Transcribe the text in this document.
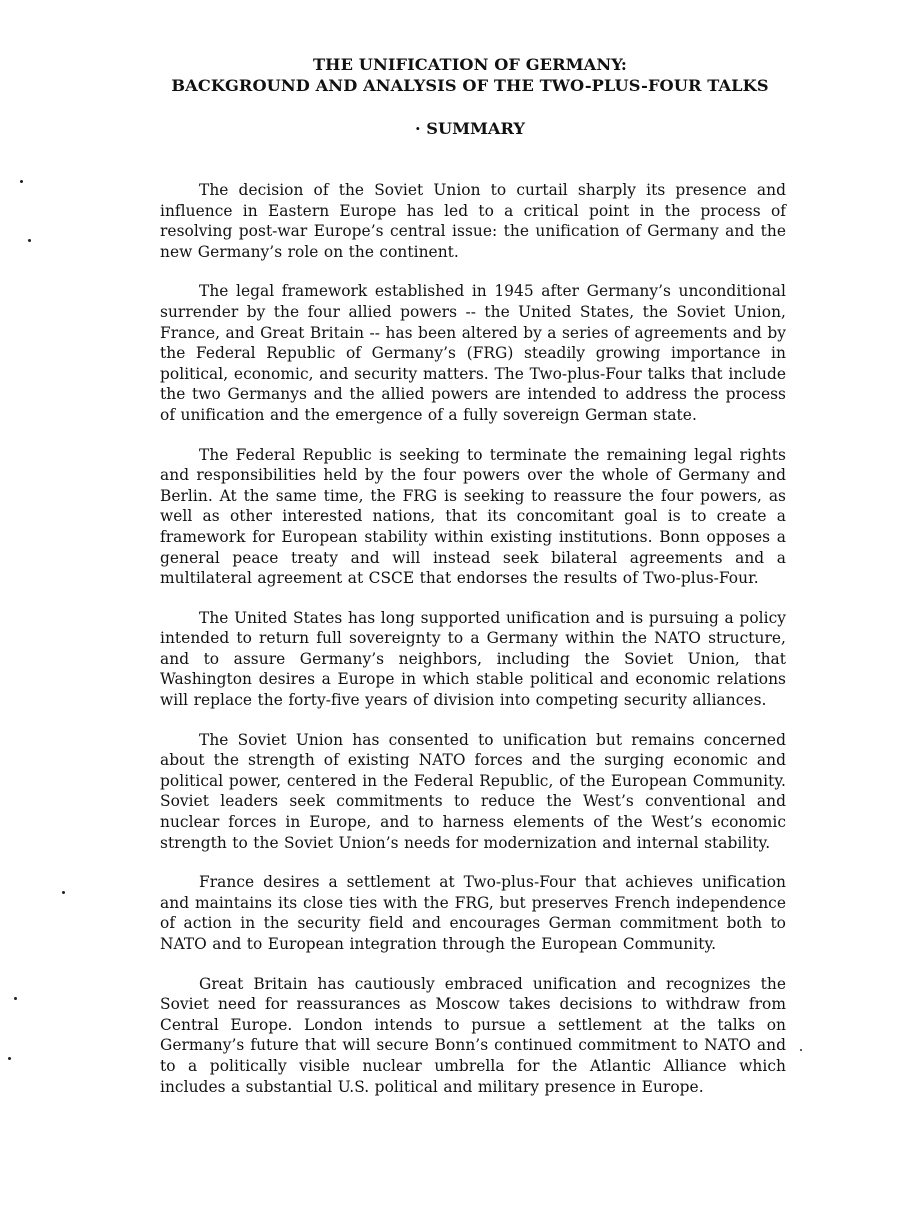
THE UNIFICATION OF GERMANY:
BACKGROUND AND ANALYSIS OF THE TWO-PLUS-FOUR TALKS
· SUMMARY

The decision of the Soviet Union to curtail sharply its presence and influence in Eastern Europe has led to a critical point in the process of resolving post-war Europe’s central issue: the unification of Germany and the new Germany’s role on the continent.

The legal framework established in 1945 after Germany’s unconditional surrender by the four allied powers -- the United States, the Soviet Union, France, and Great Britain -- has been altered by a series of agreements and by the Federal Republic of Germany’s (FRG) steadily growing importance in political, economic, and security matters. The Two-plus-Four talks that include the two Germanys and the allied powers are intended to address the process of unification and the emergence of a fully sovereign German state.

The Federal Republic is seeking to terminate the remaining legal rights and responsibilities held by the four powers over the whole of Germany and Berlin. At the same time, the FRG is seeking to reassure the four powers, as well as other interested nations, that its concomitant goal is to create a framework for European stability within existing institutions. Bonn opposes a general peace treaty and will instead seek bilateral agreements and a multilateral agreement at CSCE that endorses the results of Two-plus-Four.

The United States has long supported unification and is pursuing a policy intended to return full sovereignty to a Germany within the NATO structure, and to assure Germany’s neighbors, including the Soviet Union, that Washington desires a Europe in which stable political and economic relations will replace the forty-five years of division into competing security alliances.

The Soviet Union has consented to unification but remains concerned about the strength of existing NATO forces and the surging economic and political power, centered in the Federal Republic, of the European Community. Soviet leaders seek commitments to reduce the West’s conventional and nuclear forces in Europe, and to harness elements of the West’s economic strength to the Soviet Union’s needs for modernization and internal stability.

France desires a settlement at Two-plus-Four that achieves unification and maintains its close ties with the FRG, but preserves French independence of action in the security field and encourages German commitment both to NATO and to European integration through the European Community.

Great Britain has cautiously embraced unification and recognizes the Soviet need for reassurances as Moscow takes decisions to withdraw from Central Europe. London intends to pursue a settlement at the talks on Germany’s future that will secure Bonn’s continued commitment to NATO and to a politically visible nuclear umbrella for the Atlantic Alliance which includes a substantial U.S. political and military presence in Europe.
